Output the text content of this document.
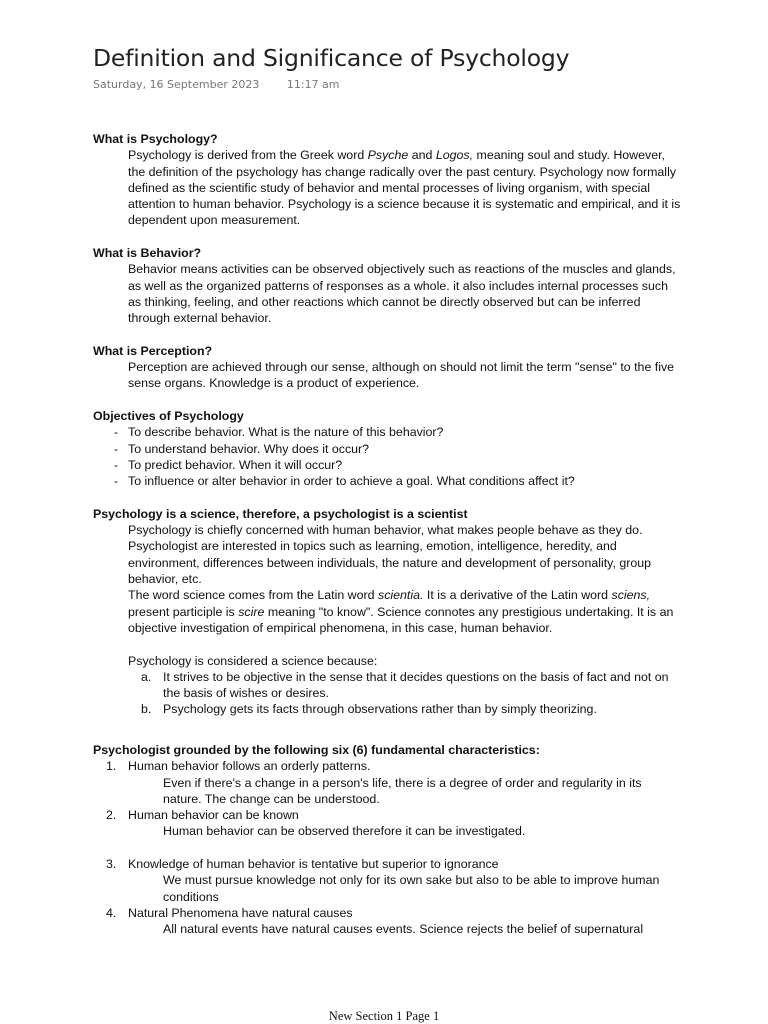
Definition and Significance of Psychology
Saturday, 16 September 2023	11:17 am

What is Psychology?

Psychology is derived from the Greek word Psyche and Logos, meaning soul and study. However, the definition of the psychology has change radically over the past century. Psychology now formally defined as the scientific study of behavior and mental processes of living organism, with special attention to human behavior. Psychology is a science because it is systematic and empirical, and it is dependent upon measurement.

What is Behavior?

Behavior means activities can be observed objectively such as reactions of the muscles and glands, as well as the organized patterns of responses as a whole. it also includes internal processes such as thinking, feeling, and other reactions which cannot be directly observed but can be inferred through external behavior.

What is Perception?

Perception are achieved through our sense, although on should not limit the term "sense" to the five sense organs. Knowledge is a product of experience.

Objectives of Psychology

- To describe behavior. What is the nature of this behavior?
- To understand behavior. Why does it occur?
- To predict behavior. When it will occur?
- To influence or alter behavior in order to achieve a goal. What conditions affect it?

Psychology is a science, therefore, a psychologist is a scientist

Psychology is chiefly concerned with human behavior, what makes people behave as they do. Psychologist are interested in topics such as learning, emotion, intelligence, heredity, and environment, differences between individuals, the nature and development of personality, group behavior, etc.

The word science comes from the Latin word scientia. It is a derivative of the Latin word sciens, present participle is scire meaning "to know". Science connotes any prestigious undertaking. It is an objective investigation of empirical phenomena, in this case, human behavior.

Psychology is considered a science because:

a. It strives to be objective in the sense that it decides questions on the basis of fact and not on the basis of wishes or desires.
b. Psychology gets its facts through observations rather than by simply theorizing.

Psychologist grounded by the following six (6) fundamental characteristics:

1. Human behavior follows an orderly patterns.

Even if there's a change in a person's life, there is a degree of order and regularity in its nature. The change can be understood.

2. Human behavior can be known

Human behavior can be observed therefore it can be investigated.

3. Knowledge of human behavior is tentative but superior to ignorance

We must pursue knowledge not only for its own sake but also to be able to improve human conditions

4. Natural Phenomena have natural causes

All natural events have natural causes events. Science rejects the belief of supernatural

New Section 1 Page 1
